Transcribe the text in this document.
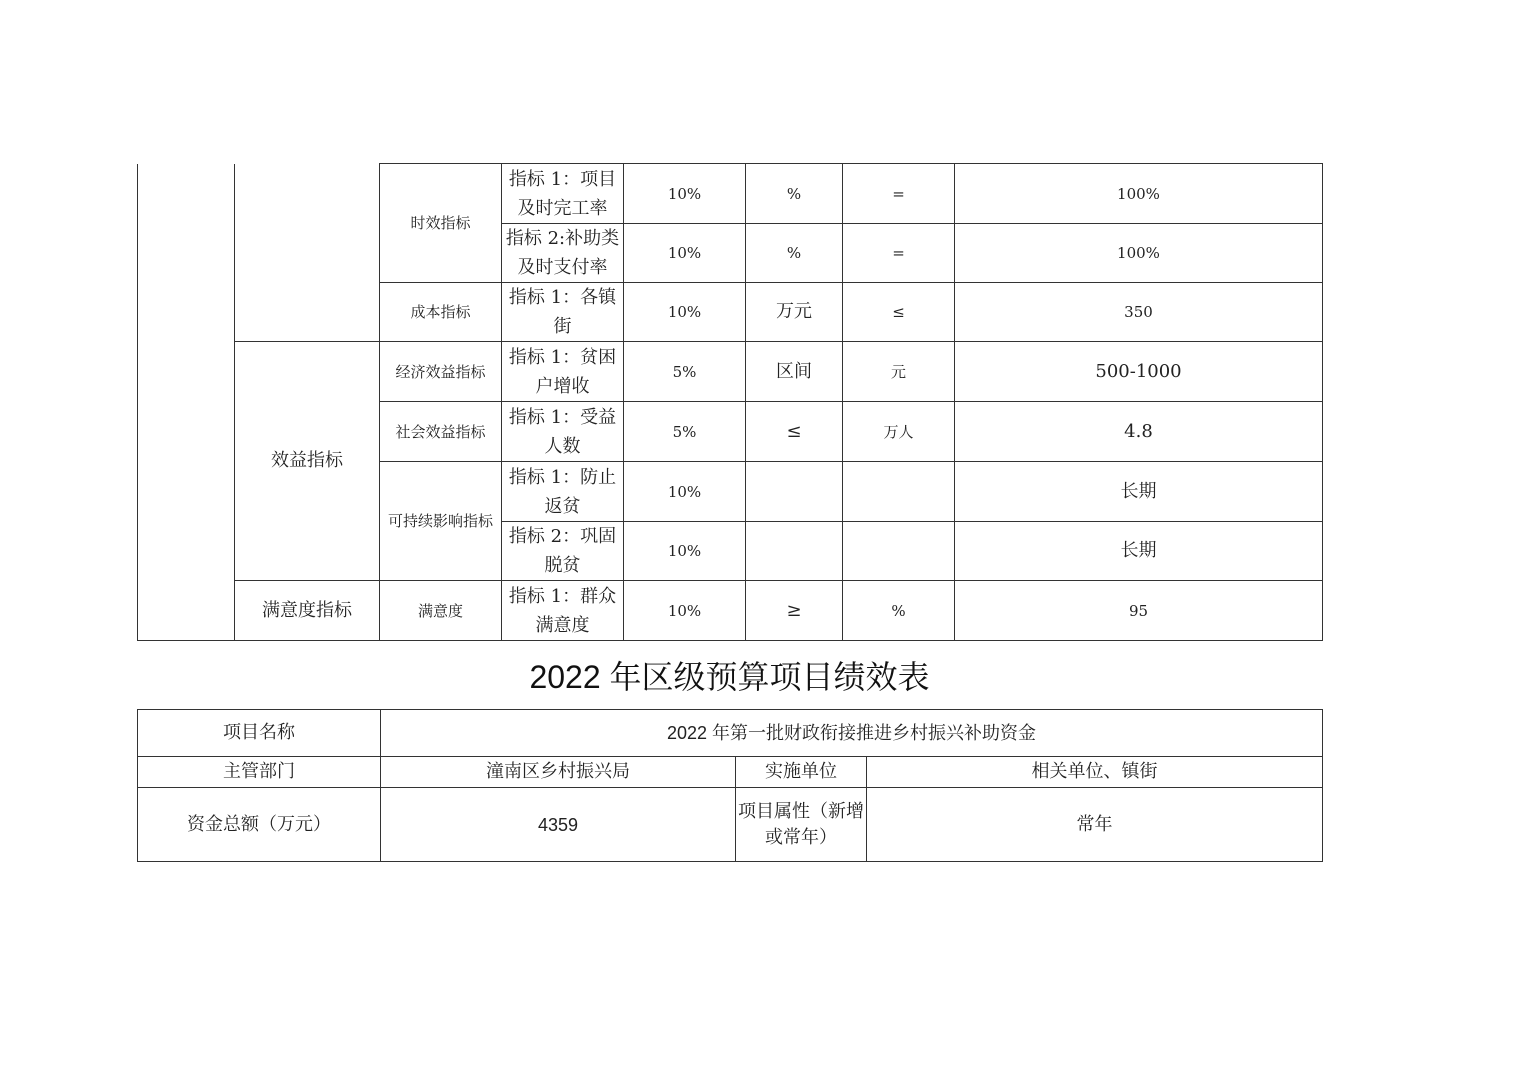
		时效指标	指标 1：项目及时完工率	10%	%	=	100%
			指标 2:补助类及时支付率	10%	%	=	100%
		成本指标	指标 1：各镇街	10%	万元	≤	350
	效益指标	经济效益指标	指标 1：贫困户增收	5%	区间	元	500-1000
		社会效益指标	指标 1：受益人数	5%	≤	万人	4.8
		可持续影响指标	指标 1：防止返贫	10%			长期
			指标 2：巩固脱贫	10%			长期
	满意度指标	满意度	指标 1：群众满意度	10%	≥	%	95
2022 年区级预算项目绩效表
项目名称	2022 年第一批财政衔接推进乡村振兴补助资金		
主管部门	潼南区乡村振兴局	实施单位	相关单位、镇街
资金总额（万元）	4359	项目属性（新增或常年）	常年
